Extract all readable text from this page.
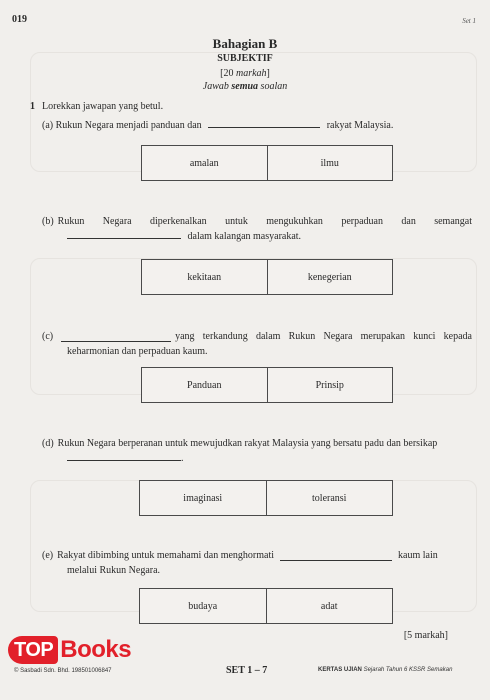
019	Set 1
Bahagian B
SUBJEKTIF
[20 markah]
Jawab semua soalan
1 Lorekkan jawapan yang betul.
(a) Rukun Negara menjadi panduan dan	rakyat Malaysia.
amalan	ilmu
(b) Rukun Negara diperkenalkan untuk mengukuhkan perpaduan dan semangat
dalam kalangan masyarakat.
kekitaan	kenegerian
(c)	yang terkandung dalam Rukun Negara merupakan kunci kepada
keharmonian dan perpaduan kaum.
Panduan	Prinsip
(d) Rukun Negara berperanan untuk mewujudkan rakyat Malaysia yang bersatu padu dan bersikap
.
imaginasi	toleransi
(e) Rakyat dibimbing untuk memahami dan menghormati	kaum lain
melalui Rukun Negara.
budaya	adat
[5 markah]
TOP Books
© Sasbadi Sdn. Bhd. 198501006847	SET 1 – 7	KERTAS UJIAN Sejarah Tahun 6 KSSR Semakan
